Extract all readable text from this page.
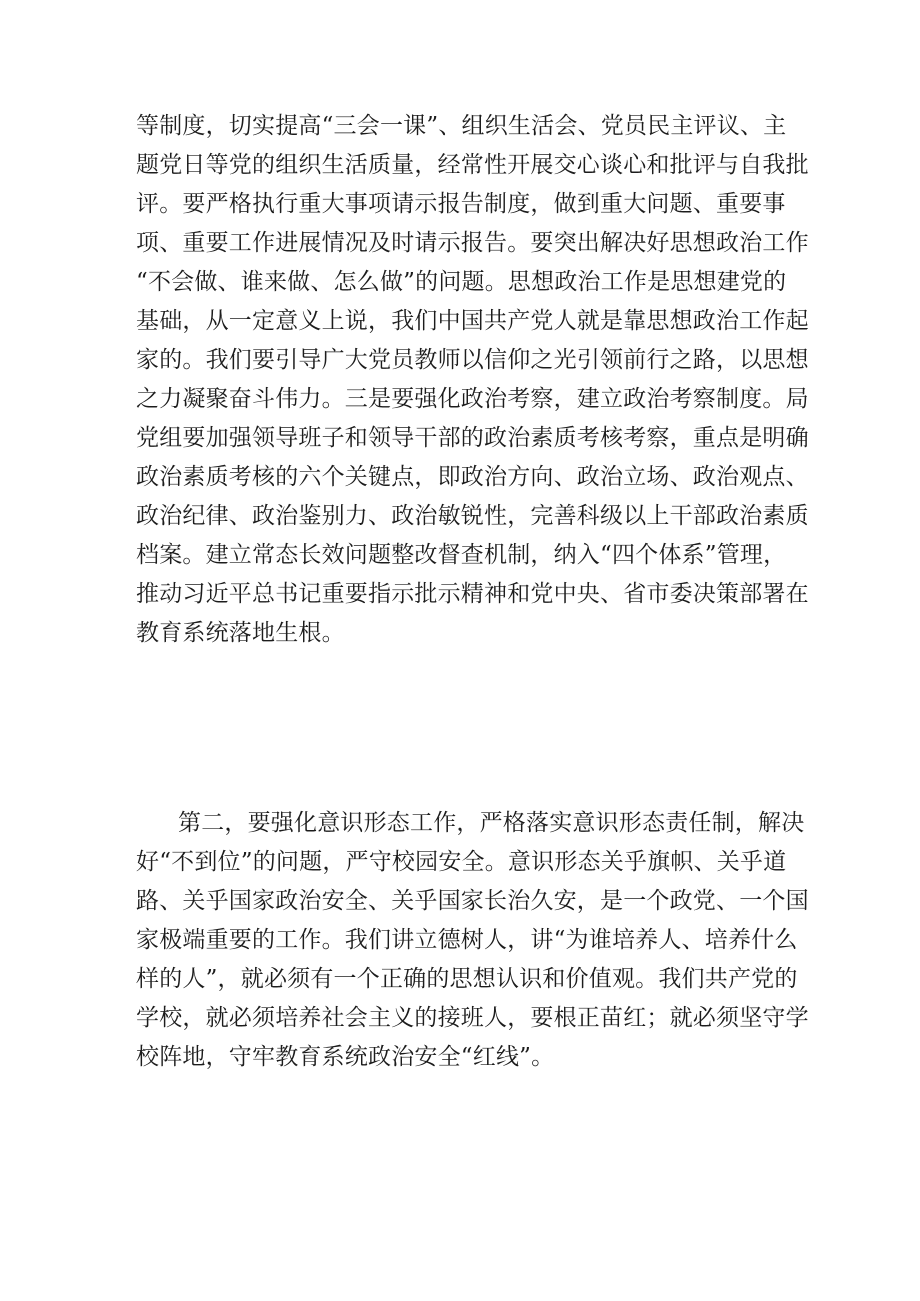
等制度，切实提高“三会一课”、组织生活会、党员民主评议、主
题党日等党的组织生活质量，经常性开展交心谈心和批评与自我批
评。要严格执行重大事项请示报告制度，做到重大问题、重要事
项、重要工作进展情况及时请示报告。要突出解决好思想政治工作
“不会做、谁来做、怎么做”的问题。思想政治工作是思想建党的
基础，从一定意义上说，我们中国共产党人就是靠思想政治工作起
家的。我们要引导广大党员教师以信仰之光引领前行之路，以思想
之力凝聚奋斗伟力。三是要强化政治考察，建立政治考察制度。局
党组要加强领导班子和领导干部的政治素质考核考察，重点是明确
政治素质考核的六个关键点，即政治方向、政治立场、政治观点、
政治纪律、政治鉴别力、政治敏锐性，完善科级以上干部政治素质
档案。建立常态长效问题整改督查机制，纳入“四个体系”管理，
推动习近平总书记重要指示批示精神和党中央、省市委决策部署在
教育系统落地生根。
第二，要强化意识形态工作，严格落实意识形态责任制，解决
好“不到位”的问题，严守校园安全。意识形态关乎旗帜、关乎道
路、关乎国家政治安全、关乎国家长治久安，是一个政党、一个国
家极端重要的工作。我们讲立德树人，讲“为谁培养人、培养什么
样的人”，就必须有一个正确的思想认识和价值观。我们共产党的
学校，就必须培养社会主义的接班人，要根正苗红；就必须坚守学
校阵地，守牢教育系统政治安全“红线”。
